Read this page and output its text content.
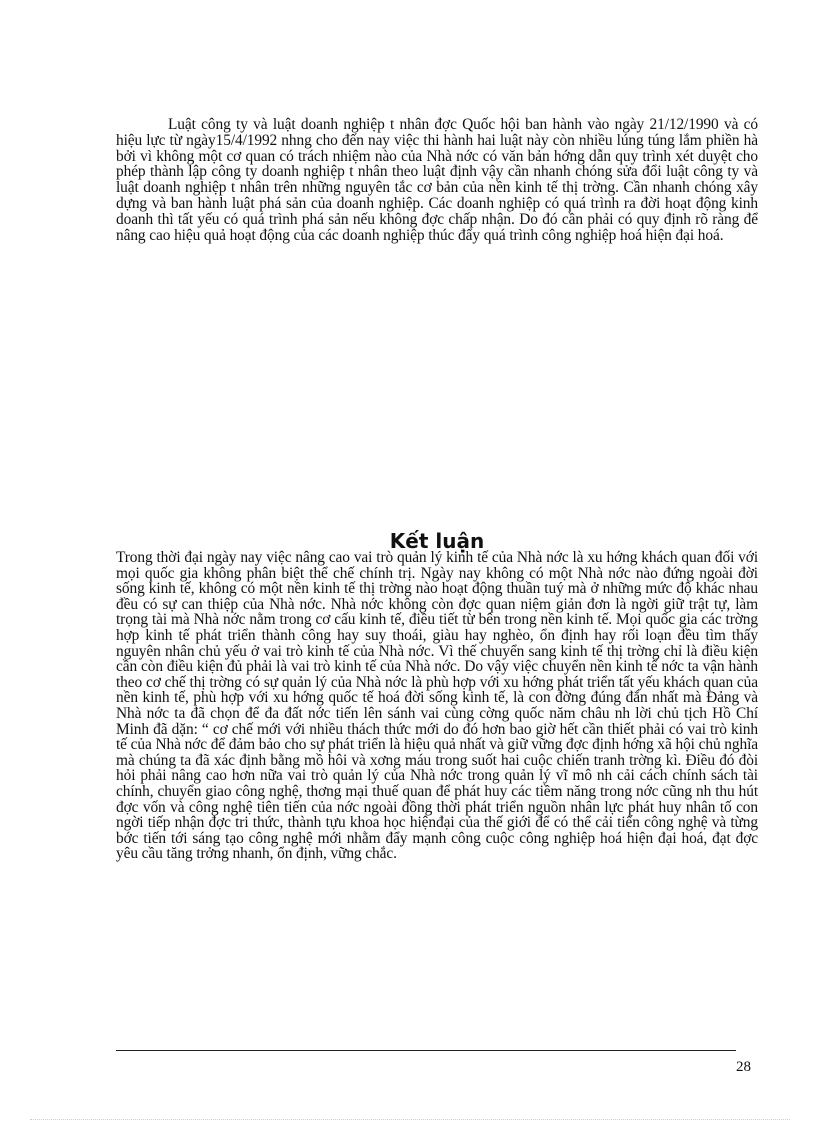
Luật công ty và luật doanh nghiệp t nhân đợc Quốc hội ban hành vào ngày 21/12/1990 và có hiệu lực từ ngày15/4/1992 nhng cho đến nay việc thi hành hai luật này còn nhiều lúng túng lắm phiền hà bởi vì không một cơ quan có trách nhiệm nào của Nhà nớc có văn bản hớng dẫn quy trình xét duyệt cho phép thành lập công ty doanh nghiệp t nhân theo luật định vậy cần nhanh chóng sửa đổi luật công ty và luật doanh nghiệp t nhân trên những nguyên tắc cơ bản của nền kinh tế thị trờng. Cần nhanh chóng xây dựng và ban hành luật phá sản của doanh nghiệp. Các doanh nghiệp có quá trình ra đời hoạt động kinh doanh thì tất yếu có quá trình phá sản nếu không đợc chấp nhận. Do đó cần phải có quy định rõ ràng để nâng cao hiệu quả hoạt động của các doanh nghiệp thúc đẩy quá trình công nghiệp hoá hiện đại hoá.

Kết luận

Trong thời đại ngày nay việc nâng cao vai trò quản lý kinh tế của Nhà nớc là xu hớng khách quan đối với mọi quốc gia không phân biệt thể chế chính trị. Ngày nay không có một Nhà nớc nào đứng ngoài đời sống kinh tế, không có một nền kinh tế thị trờng nào hoạt động thuần tuý mà ở những mức độ khác nhau đều có sự can thiệp của Nhà nớc. Nhà nớc không còn đợc quan niệm giản đơn là ngời giữ trật tự, làm trọng tài mà Nhà nớc nằm trong cơ cấu kinh tế, điều tiết từ bên trong nền kinh tế. Mọi quốc gia các trờng hợp kinh tế phát triển thành công hay suy thoái, giàu hay nghèo, ổn định hay rối loạn đều tìm thấy nguyên nhân chủ yếu ở vai trò kinh tế của Nhà nớc. Vì thế chuyển sang kinh tế thị trờng chỉ là điều kiện cần còn điều kiện đủ phải là vai trò kinh tế của Nhà nớc. Do vậy việc chuyển nền kinh tế nớc ta vận hành theo cơ chế thị trờng có sự quản lý của Nhà nớc là phù hợp với xu hớng phát triển tất yếu khách quan của nền kinh tế, phù hợp với xu hớng quốc tế hoá đời sống kinh tế, là con đờng đúng đắn nhất mà Đảng và Nhà nớc ta đã chọn để đa đất nớc tiến lên sánh vai cùng cờng quốc năm châu nh lời chủ tịch Hồ Chí Minh đã dặn: “ cơ chế mới với nhiều thách thức mới do đó hơn bao giờ hết cần thiết phải có vai trò kinh tế của Nhà nớc để đảm bảo cho sự phát triển là hiệu quả nhất và giữ vững đợc định hớng xã hội chủ nghĩa mà chúng ta đã xác định bằng mồ hôi và xơng máu trong suốt hai cuộc chiến tranh trờng kì. Điều đó đòi hỏi phải nâng cao hơn nữa vai trò quản lý của Nhà nớc trong quản lý vĩ mô nh cải cách chính sách tài chính, chuyển giao công nghệ, thơng mại thuế quan để phát huy các tiềm năng trong nớc cũng nh thu hút đợc vốn và công nghệ tiên tiến của nớc ngoài đồng thời phát triển nguồn nhân lực phát huy nhân tố con ngời tiếp nhận đợc tri thức, thành tựu khoa học hiệnđại của thế giới để có thể cải tiến công nghệ và từng bớc tiến tới sáng tạo công nghệ mới nhằm đẩy mạnh công cuộc công nghiệp hoá hiện đại hoá, đạt đợc yêu cầu tăng trởng nhanh, ổn định, vững chắc.

28
